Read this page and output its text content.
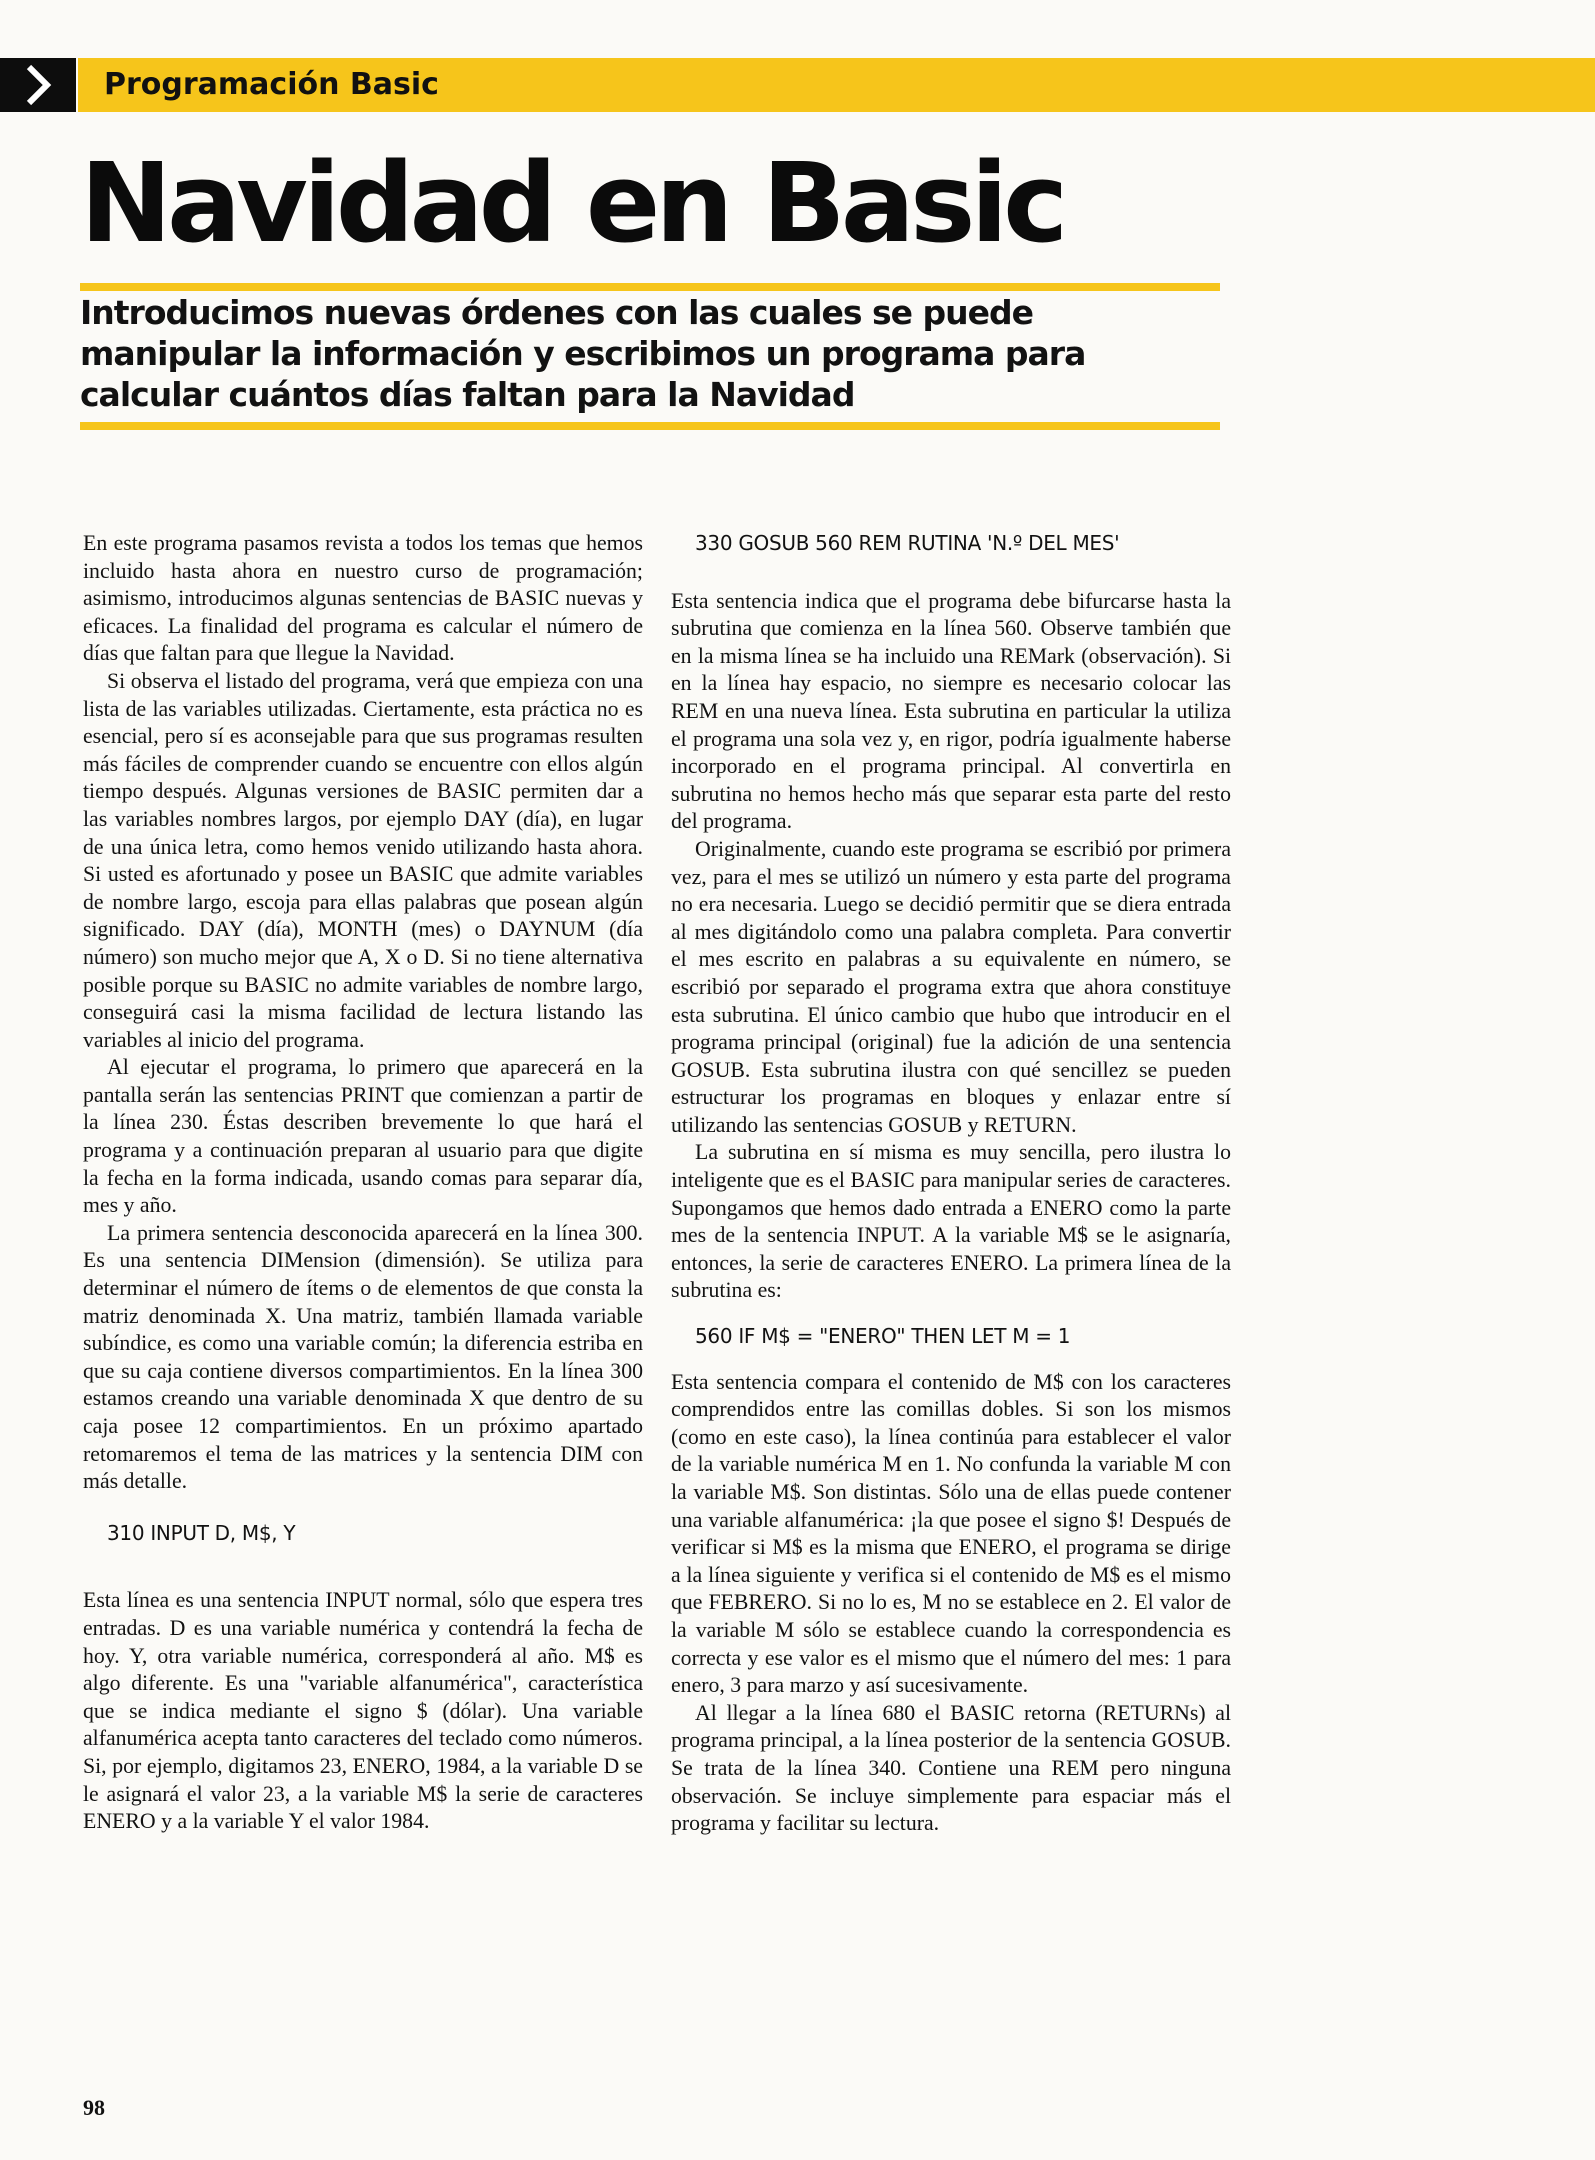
Programación Basic
Navidad en Basic

Introducimos nuevas órdenes con las cuales se puede manipular la información y escribimos un programa para calcular cuántos días faltan para la Navidad

En este programa pasamos revista a todos los temas que hemos incluido hasta ahora en nuestro curso de programación; asimismo, introducimos algunas sentencias de BASIC nuevas y eficaces. La finalidad del programa es calcular el número de días que faltan para que llegue la Navidad.

Si observa el listado del programa, verá que empieza con una lista de las variables utilizadas. Ciertamente, esta práctica no es esencial, pero sí es aconsejable para que sus programas resulten más fáciles de comprender cuando se encuentre con ellos algún tiempo después. Algunas versiones de BASIC permiten dar a las variables nombres largos, por ejemplo DAY (día), en lugar de una única letra, como hemos venido utilizando hasta ahora. Si usted es afortunado y posee un BASIC que admite variables de nombre largo, escoja para ellas palabras que posean algún significado. DAY (día), MONTH (mes) o DAYNUM (día número) son mucho mejor que A, X o D. Si no tiene alternativa posible porque su BASIC no admite variables de nombre largo, conseguirá casi la misma facilidad de lectura listando las variables al inicio del programa.

Al ejecutar el programa, lo primero que aparecerá en la pantalla serán las sentencias PRINT que comienzan a partir de la línea 230. Éstas describen brevemente lo que hará el programa y a continuación preparan al usuario para que digite la fecha en la forma indicada, usando comas para separar día, mes y año.

La primera sentencia desconocida aparecerá en la línea 300. Es una sentencia DIMension (dimensión). Se utiliza para determinar el número de ítems o de elementos de que consta la matriz denominada X. Una matriz, también llamada variable subíndice, es como una variable común; la diferencia estriba en que su caja contiene diversos compartimientos. En la línea 300 estamos creando una variable denominada X que dentro de su caja posee 12 compartimientos. En un próximo apartado retomaremos el tema de las matrices y la sentencia DIM con más detalle.

310 INPUT D, M$, Y

Esta línea es una sentencia INPUT normal, sólo que espera tres entradas. D es una variable numérica y contendrá la fecha de hoy. Y, otra variable numérica, corresponderá al año. M$ es algo diferente. Es una "variable alfanumérica", característica que se indica mediante el signo $ (dólar). Una variable alfanumérica acepta tanto caracteres del teclado como números. Si, por ejemplo, digitamos 23, ENERO, 1984, a la variable D se le asignará el valor 23, a la variable M$ la serie de caracteres ENERO y a la variable Y el valor 1984.

330 GOSUB 560 REM RUTINA 'N.º DEL MES'

Esta sentencia indica que el programa debe bifurcarse hasta la subrutina que comienza en la línea 560. Observe también que en la misma línea se ha incluido una REMark (observación). Si en la línea hay espacio, no siempre es necesario colocar las REM en una nueva línea. Esta subrutina en particular la utiliza el programa una sola vez y, en rigor, podría igualmente haberse incorporado en el programa principal. Al convertirla en subrutina no hemos hecho más que separar esta parte del resto del programa.

Originalmente, cuando este programa se escribió por primera vez, para el mes se utilizó un número y esta parte del programa no era necesaria. Luego se decidió permitir que se diera entrada al mes digitándolo como una palabra completa. Para convertir el mes escrito en palabras a su equivalente en número, se escribió por separado el programa extra que ahora constituye esta subrutina. El único cambio que hubo que introducir en el programa principal (original) fue la adición de una sentencia GOSUB. Esta subrutina ilustra con qué sencillez se pueden estructurar los programas en bloques y enlazar entre sí utilizando las sentencias GOSUB y RETURN.

La subrutina en sí misma es muy sencilla, pero ilustra lo inteligente que es el BASIC para manipular series de caracteres. Supongamos que hemos dado entrada a ENERO como la parte mes de la sentencia INPUT. A la variable M$ se le asignaría, entonces, la serie de caracteres ENERO. La primera línea de la subrutina es:

560 IF M$ = "ENERO" THEN LET M = 1

Esta sentencia compara el contenido de M$ con los caracteres comprendidos entre las comillas dobles. Si son los mismos (como en este caso), la línea continúa para establecer el valor de la variable numérica M en 1. No confunda la variable M con la variable M$. Son distintas. Sólo una de ellas puede contener una variable alfanumérica: ¡la que posee el signo $! Después de verificar si M$ es la misma que ENERO, el programa se dirige a la línea siguiente y verifica si el contenido de M$ es el mismo que FEBRERO. Si no lo es, M no se establece en 2. El valor de la variable M sólo se establece cuando la correspondencia es correcta y ese valor es el mismo que el número del mes: 1 para enero, 3 para marzo y así sucesivamente.

Al llegar a la línea 680 el BASIC retorna (RETURNs) al programa principal, a la línea posterior de la sentencia GOSUB. Se trata de la línea 340. Contiene una REM pero ninguna observación. Se incluye simplemente para espaciar más el programa y facilitar su lectura.

98
